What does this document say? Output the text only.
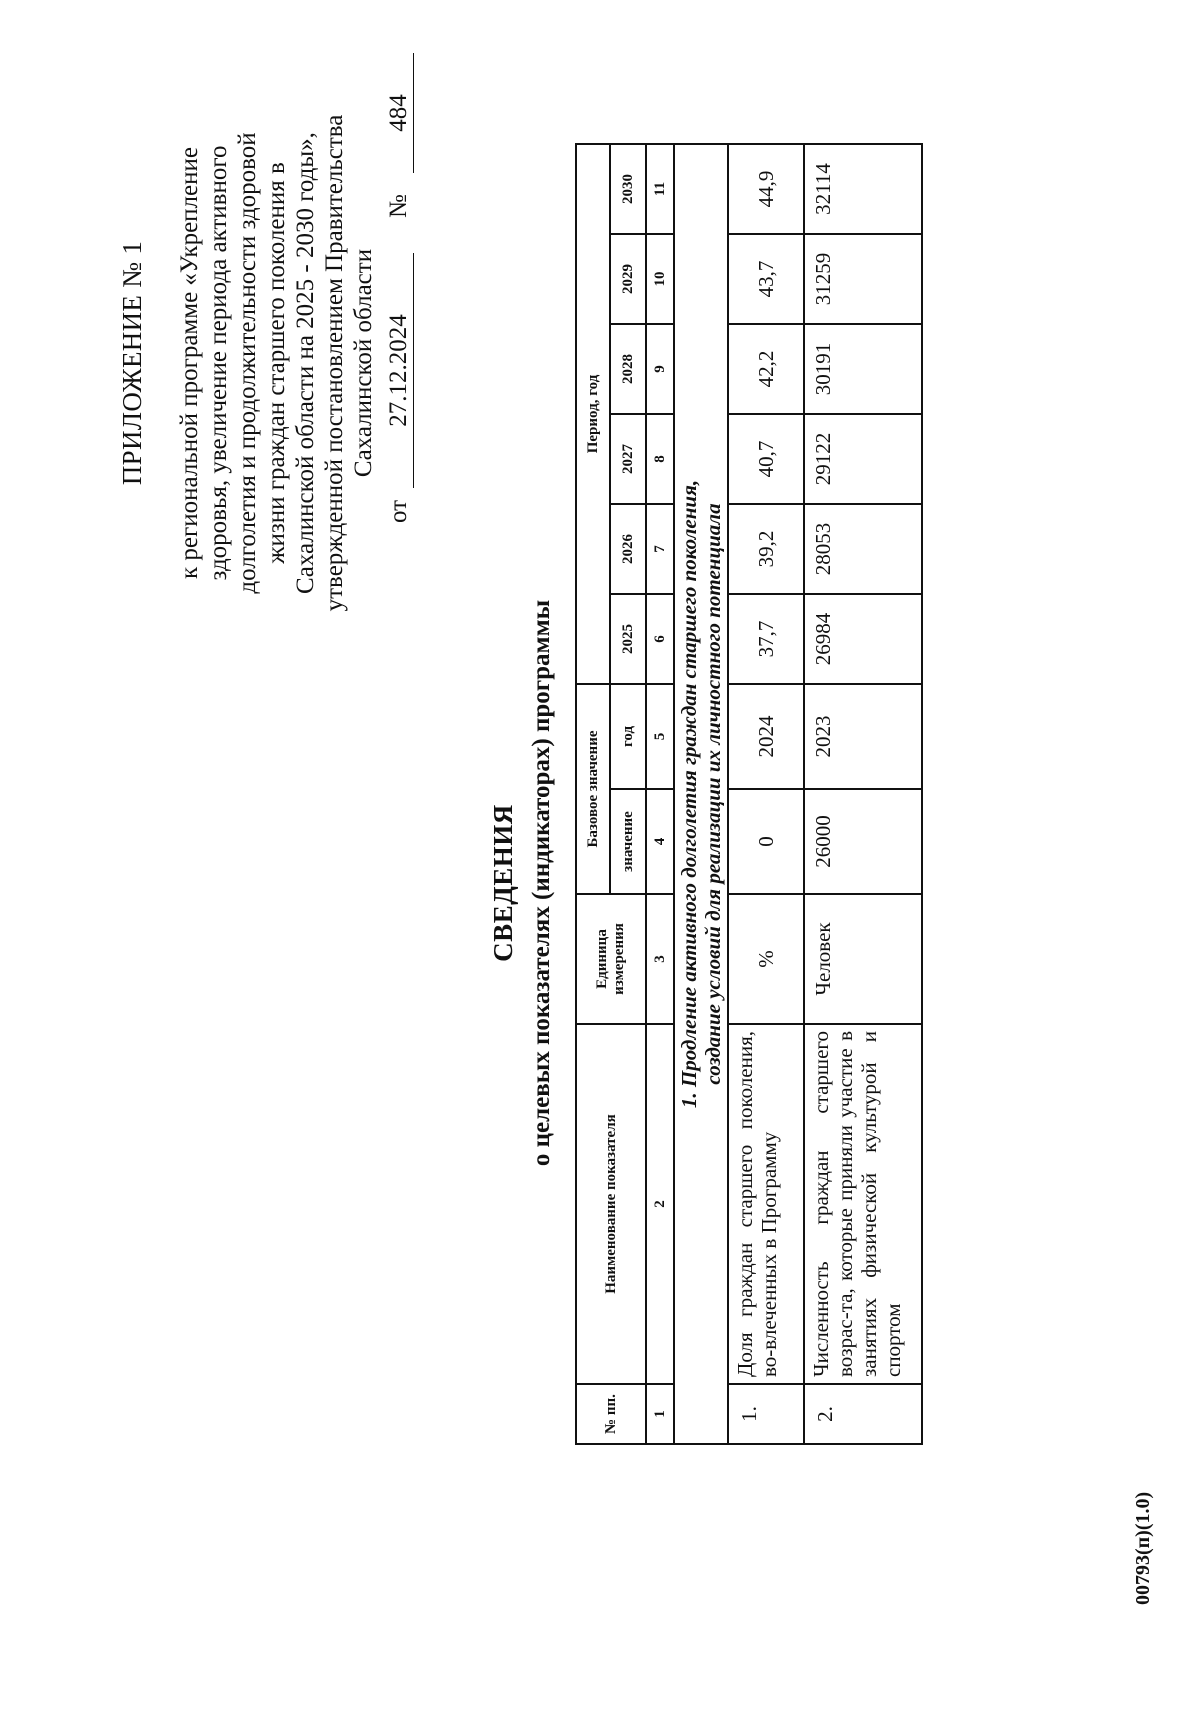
ПРИЛОЖЕНИЕ № 1 к региональной программе «Укрепление здоровья, увеличение периода активного долголетия и продолжительности здоровой жизни граждан старшего поколения в Сахалинской области на 2025 - 2030 годы», утвержденной постановлением Правительства Сахалинской области
от
27.12.2024
№
484
СВЕДЕНИЯ о целевых показателях (индикаторах) программы
№ пп.	Наименование показателя	Единица измерения	Базовое значение		Период, год					
			значение	год	2025	2026	2027	2028	2029	2030
1	2	3	4	5	6	7	8	9	10	11
1. Продление активного долголетия граждан старшего поколения,
создание условий для реализации их личностного потенциала										
1.	Доля граждан старшего поколения, во-влеченных в Программу	%	0	2024	37,7	39,2	40,7	42,2	43,7	44,9
2.	Численность граждан старшего возрас-та, которые приняли участие в занятиях физической культурой и спортом	Человек	26000	2023	26984	28053	29122	30191	31259	32114
00793(п)(1.0)
